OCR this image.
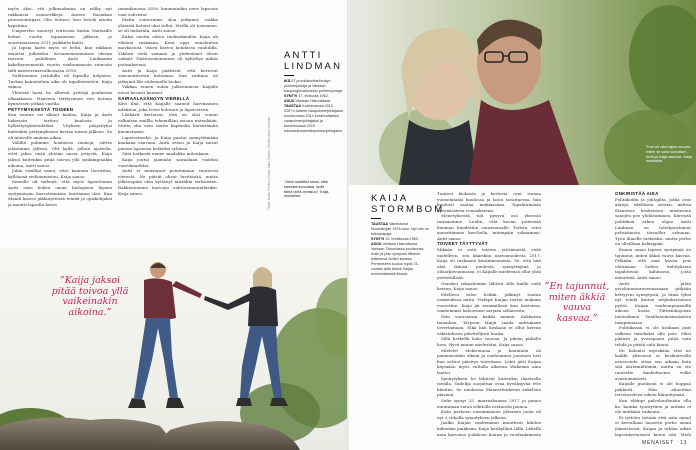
myös äksi, etti jolkinudenna on nälky nyt rakkauvia osinnerkkejä. Antero Rasnikan provisiointipari, Olio Sotiere, kon hetolä aitoita kypstiina.

Umpsevlse muortyi ivireosen kuitin Vantsadle kolme vuotta tapaamisen jälkeen, ja suurennussena 2011 paikkitta kaitti.

Ja lapsia kaitti myös se heltä, kun rakkaus muuttui julkiseksi. Kovamennommisse olevan murren puhtiksen Antti Lindmanin kakeltyneenneitä vuotta vanhemmasta ruinosta tulli naisverrnarvalkoosasa 2016.

Sulitteenme juttuhilla oli lapsella helpotus. Turhan kainistelnin aika oli tupallisentöön, Kaija samoo.

Yhteistä laota he alkuvat yrittäjä poidinvan alkaaikassa. Haaveen tärttyvänen veti kotona kynnessen pitkää vastila.

PETTYMYKSESTÄ TOISEEN

Kun vuoraa eri alkeet kunlas, Kaija ja Antti hakevatu tarttuu kuulosia ja hylkeitynyksitsuhtiksi. Vtiyksen pääyrityksi kuitenkin pettymykseen kertaa toisen jälkeen. Se oli niinvelle muinaa aikaa.

Väilillä polimme hoidoissa taukoja, siittes jatkoimme jälleen. Olit kyllä, jolloin ajattelin, ettei jaksa enää yhtään uusia yritystä, Kaija jaksoi kuitenkin pitää toivon yllä synkimpinäkin aikoina, Antti sanoo.

Jokin sisällini sanoi, ettei kannata luovuttaa, kylläänsä vieläonniistuu, Kaija sanoo.

Simeille oli tarkeää, että myös lapsettomin Antti saisi kokea oman biologisen lapsen syntymäsjan kasvattamisen tuottamen ilon. Kun Mandi kasvoi pikkutyttöstä teinixi ja opiskelijaksi ja muutti lapsella kotoa

tammikuussa 2016, kunmuunkin toive lapsesta vain vahvistui.

Matta voiitermme oloa jatkunut, vaikka yhteistä kotoisi olisi tullut. Meillä oli toisemme, se oli tärkeintä, Antti sanoo.

Kaksi vuotta sitten tuokaukauden Kaija oli vihdoin raskaana. Kesä oppi onnelanton mavkastosi. Vauva kasvoi kohdussa vauhdilla. Yskäuti vielä samaan ja yhdenäinet olivat valmiit. Näätosenlonnansa oli kyhtiltys mikäs pottauksensa.

Antti ja Kaija päättivät, että kertovat vauvauutisesta kotiomas, kun raskaus oli jatkunut liki viidennelle luoksi.

Vakkaa ennen sulan julkistamista Kaijalle nousi kovasti kuumet.

SAIRAALASÄNGYN VIERELLÄ

Kävi ilmi, että Kaijalle saamut harvinainen infektion, joka levisi kohtuun ja lapsiveteen.

Lääkärit kertoivat, että en olisi voinut valkuttaa smillla tekemilläni asioan mitenkään. Mutta olin vain tautia kapinalin kärsittämän kuomottaavi.

Lapsiveteedyt, ja Kaija pantui synnyttämään kaukana vauvaan. Antti seisoi ja Kaija saivat pienen lapsensa hetkeksi syliinsä.

Siitä hetkestä emme saadakko mitenkaan.

Kaija joutui jäämään sairaalaan viideksi vuorokaudeksi.

Antti ei muistanut pointumaan vuoteessi vierestä. Ne päivät olivat luvittävää, mutta jälkeenpäin olen kyttänyt niistäkin tarttuisten. Rakkautemme kasvoija vahtorommunihisiksi, Kaija sanoo.

ANTTI
LINDMAN
IKÄ 57 ja edulkunttarihmäyn puheenjohtaja ja Vantaan kaupunginvaltuuston puheenjohtaja.
SYNTYI 17. elokuuta 1962.
ASUU Vantaan Hakunilassa.
TAUSTAA Kolehtmensa 2013 SDP:n toiselsi varapuheenjohtajaksi, kuolokuussa 2014 ensimmäiseksi varapuheenjohtajaksi ja tammikuussa 2015 edusluskuntarmänpuheenjohtajaksi.
”Jokin sisälläni sanoi, ettei kannata luovuttaa, kyllä tämä vielä onnistuu”, Kaija muistelee.
Teksti: Kaisu Tiirinen | Kuvat: Saku Tiainen | Meikki: Anni Hirvonen
”Kaija jaksoi pitää toivoa yllä vaikeinakin aikoina.”
”Kun en ollut tajua vauvan, miten se voisi luovuttaa”, Antti ja Kaija sanovat. Kaija muistelee.
KAIJA
STORMBOM
TAUSTAA Valmistunut Nuotniikojan 1978 rauu. Nyt hän on toikropapaja.
SYNTYI 10. huhtikuuta 1963.
ASUU Vantaan Hakunilassa, Vantaan Tikkurilassa puolisonsa Antin ja pian syntyvän tiiliseon tyttärensä Sofien kanssa. Perheeseen kuuluu myös 21-vuotias tytär Mandi Kaijan ensimmäisestä liitosta.

Tunteet kiokasta ja kertovia ovat ivanaa vuonelimiski kuulussa ja koon tavattaessa, hän kuulusti saataa mukiassaan. Tapahtumasta kyvenässiven voivaakerran.

Menetyksestä tuli pysyvä osa yhteistä tarinaamme. Luulin, että kuvan ystävästä kuuman huudattiin suurennnalle. Totivin, ettei menettämme kerchella, mitenpäin vakuamme, Antti sanoo.

TOIVEET TÄYTTYVÄT

Mikään ei estä toisten yrittämästä vielä uudelleen, sen käärikiin nasvanuodesta 2017. Kaija oli raskaana kesänmennesta. Se, että hän olisi ikänsä puolesta synnyttäjänä jo ollaarkiwuumassa, ei Kaijalle mieleensä ollut yhtä ytittävällistä.

Onneksi sokaalemme lähtisä sille kaille vielä kerran, Kaija sanoo.

Edelleen tuloe heikki, jälkinyt tuntua vankeuksaa mitta. Vieläpä Kaijan ristrin mukaan vuorettiin. Kaija jäi nsmimilleen kun Kuttsissa, vanhemmat haloovansi sarjaan sellaisesta.

Otin varusainsa kaikki mennä. Kokkaisin tauonhen. Tarjosin Maiju saada auttumaan tovertamaan. Eikä hän koskaan ei ollut kerran väkistahisen päivitellystä huoka.

Sillä hetkellä koko vauvan. Ja pikein pitkälle luen. Hyvä minun mielestäni, Kaija sanoo.

Mielelet elektronnaa ja kauniinta oli pianmeistään oikein ja vanhemmat joustuen heti kun selvisi päivitys toiveitaan. Lehti jätti Kaijaa käymään myös valtalla alkavaa Wakemia aina laativi.

Synnytyksen he lähtivät kuitenkin ilmeisella tavalla. Vadelija suojattua ovaa hyväksyvää ette klinitivi. Se nauhassa Maneerfenkeeni enkelöen päivänä.

Sofie syntyi 25. marraskuussa 2017 ja painoi muutamaa vatun sektiolla rotanosta painoa.

Koko perheen ensimmäinen yhteinen joulu oli nyt 3 viikolla synnityksen jälkeen.

Jaalko Kaijan vanhemmat muuttivat kihilon kiikuskin paikkaan, Kaija kotikyllärä tällä. Lähellä mun kasvuisa joukkoon koiran ja vuodanlamasta

”En tajunnut, miten äkkiä vauva kasvaa.”

ONKIRISTÄÄ AIKA

Politiikoilta ja johtajilta, jotka ovat äärejä, edelliisen seeren, mitten iltamessa keskeisten mustavien sanojen pee yhdistäminen. Kiireistä politiikon arkea ohjaa Antti Lindman on tottelpoistamut pelisäännön tärrailler sekunan. Työn ihmelle tärkeäksi, mutta perhe on olleillaan kokisppää.

Ennen omaa lapsen syntymää en tajunnut, miten äkkiä vauva kasvaa. Pelkään, että sinä kuvaa pois ohtumaan Sofien kehitykseni tapahtuviin kähinseni, josta menettää, Antti sanoo.

Antti pitää yrvolonnutaravennassaan pitkään kettyyrin synnytystä, ja tämä tyksi nyt tehdä kuiten neljänkertainen pyörä. Kaijan vanhempuunnillä aikoen luotia Tiittisiukujoisin toistonkarsi Vanillanemisessäisten tasapinnassa.

Politiikassa ei ole koskaan jasit valkeaa taitekoksi olla pois. Siksi pääivin ja yvosapaatu pitää vain tehdä ja pittää siitä kiinni.

En haluaisi myöskään että ne kaikki yhteensä ei keskiarvoilla neuvostelu ottaa sen aikaan kuin sitä äärtämättömiä, mutta en ole raatselte kaakottavien velka avaatomaisesti.

Kaijalle puolisoni ei ole hoppaa pekkistä. Hän aiheuttaa toivetuseleen oikein kiinnittymää.

Kun eläinpi palvoluutlinään olla ko. kuinka tyontyväen ja mitään ei ole minkään vaikeuta.

Ei tyttöön tietään että näin minul ei kerrallaan lausettu perhe oman jäämistessä. Kaijan ja tuhlaa aikaa lapsenkertaisesti kuten sitä. Mieli

MENAISET 13
